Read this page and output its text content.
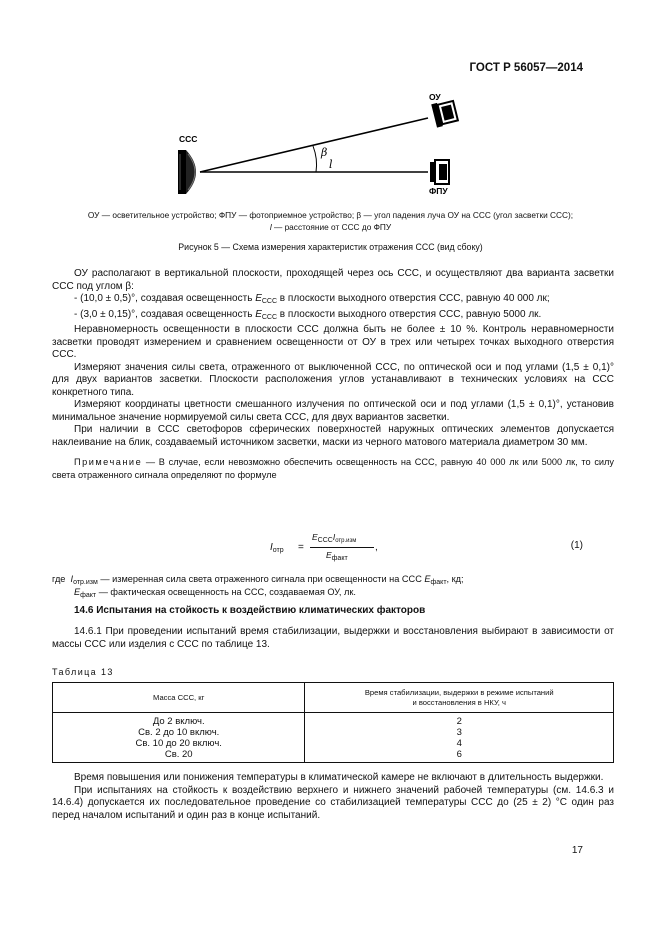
ГОСТ Р 56057—2014
ССС
ОУ
ФПУ
β
l
ОУ — осветительное устройство; ФПУ — фотоприемное устройство; β — угол падения луча ОУ на ССС (угол засветки ССС);
l — расстояние от ССС до ФПУ
Рисунок 5 — Схема измерения характеристик отражения ССС (вид сбоку)

ОУ располагают в вертикальной плоскости, проходящей через ось ССС, и осуществляют два варианта засветки ССС под углом β:

- (10,0 ± 0,5)°, создавая освещенность $E_{ССС}$ в плоскости выходного отверстия ССС, равную 40 000 лк;

- (3,0 ± 0,15)°, создавая освещенность $E_{ССС}$ в плоскости выходного отверстия ССС, равную 5000 лк.

Неравномерность освещенности в плоскости ССС должна быть не более ± 10 %. Контроль неравномерности засветки проводят измерением и сравнением освещенности от ОУ в трех или четырех точках выходного отверстия ССС.

Измеряют значения силы света, отраженного от выключенной ССС, по оптической оси и под углами (1,5 ± 0,1)° для двух вариантов засветки. Плоскости расположения углов устанавливают в технических условиях на ССС конкретного типа.

Измеряют координаты цветности смешанного излучения по оптической оси и под углами (1,5 ± 0,1)°, установив минимальное значение нормируемой силы света ССС, для двух вариантов засветки.

При наличии в ССС светофоров сферических поверхностей наружных оптических элементов допускается наклеивание на блик, создаваемый источником засветки, маски из черного матового материала диаметром 30 мм.

Примечание — В случае, если невозможно обеспечить освещенность на ССС, равную 40 000 лк или 5000 лк, то силу света отраженного сигнала определяют по формуле

$I_{отр}$ =
$E_{ССС}I_{отр.изм}$
$E_{факт}$
,	(1)
где $I_{отр.изм}$ — измеренная сила света отраженного сигнала при освещенности на ССС $E_{факт}$, кд;
$E_{факт}$ — фактическая освещенность на ССС, создаваемая ОУ, лк.
14.6 Испытания на стойкость к воздействию климатических факторов

14.6.1 При проведении испытаний время стабилизации, выдержки и восстановления выбирают в зависимости от массы ССС или изделия с ССС по таблице 13.

Таблица 13
Масса ССС, кг	Время стабилизации, выдержки в режиме испытаний
и восстановления в НКУ, ч
До 2 включ.	2
Св. 2 до 10 включ.	3
Св. 10 до 20 включ.	4
Св. 20	6

Время повышения или понижения температуры в климатической камере не включают в длительность выдержки.

При испытаниях на стойкость к воздействию верхнего и нижнего значений рабочей температуры (см. 14.6.3 и 14.6.4) допускается их последовательное проведение со стабилизацией температуры ССС до (25 ± 2) °С один раз перед началом испытаний и один раз в конце испытаний.

17
